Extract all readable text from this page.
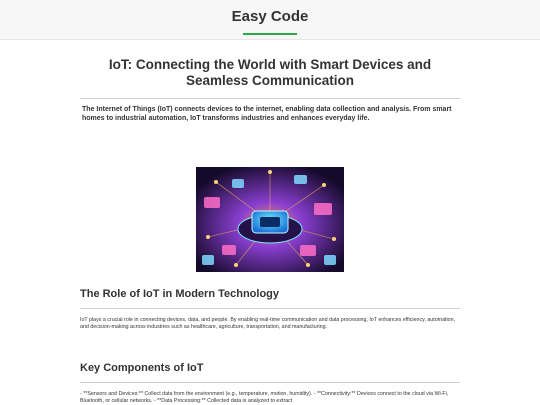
Easy Code
IoT: Connecting the World with Smart Devices and Seamless Communication

The Internet of Things (IoT) connects devices to the internet, enabling data collection and analysis. From smart homes to industrial automation, IoT transforms industries and enhances everyday life.

The Role of IoT in Modern Technology

IoT plays a crucial role in connecting devices, data, and people. By enabling real-time communication and data processing, IoT enhances efficiency, automation, and decision-making across industries such as healthcare, agriculture, transportation, and manufacturing.

Key Components of IoT

- **Sensors and Devices:** Collect data from the environment (e.g., temperature, motion, humidity). - **Connectivity:** Devices connect to the cloud via Wi-Fi, Bluetooth, or cellular networks. - **Data Processing:** Collected data is analyzed to extract
